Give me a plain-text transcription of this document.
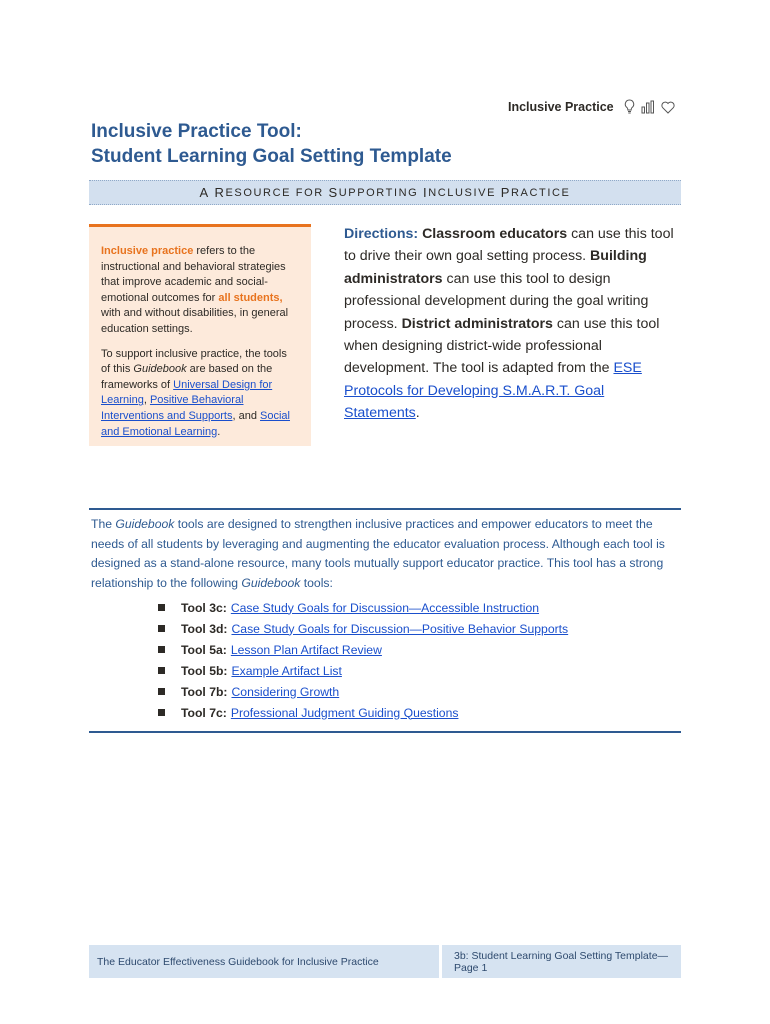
Inclusive Practice
Inclusive Practice Tool:
Student Learning Goal Setting Template
A
R ESOURCE
FOR
S UPPORTING
I NCLUSIVE
P RACTICE

Inclusive practice refers to the instructional and behavioral strategies that improve academic and social-emotional outcomes for all students, with and without disabilities, in general education settings.

To support inclusive practice, the tools of this Guidebook are based on the frameworks of Universal Design for Learning, Positive Behavioral Interventions and Supports, and Social and Emotional Learning.

Directions: Classroom educators can use this tool to drive their own goal setting process. Building administrators can use this tool to design professional development during the goal writing process. District administrators can use this tool when designing district-wide professional development. The tool is adapted from the ESE Protocols for Developing S.M.A.R.T. Goal Statements.
The Guidebook tools are designed to strengthen inclusive practices and empower educators to meet the needs of all students by leveraging and augmenting the educator evaluation process. Although each tool is designed as a stand-alone resource, many tools mutually support educator practice. This tool has a strong relationship to the following Guidebook tools:
Tool 3c: Case Study Goals for Discussion—Accessible Instruction
Tool 3d: Case Study Goals for Discussion—Positive Behavior Supports
Tool 5a: Lesson Plan Artifact Review
Tool 5b: Example Artifact List
Tool 7b: Considering Growth
Tool 7c: Professional Judgment Guiding Questions
The Educator Effectiveness Guidebook for Inclusive Practice	3b: Student Learning Goal Setting Template—Page 1
